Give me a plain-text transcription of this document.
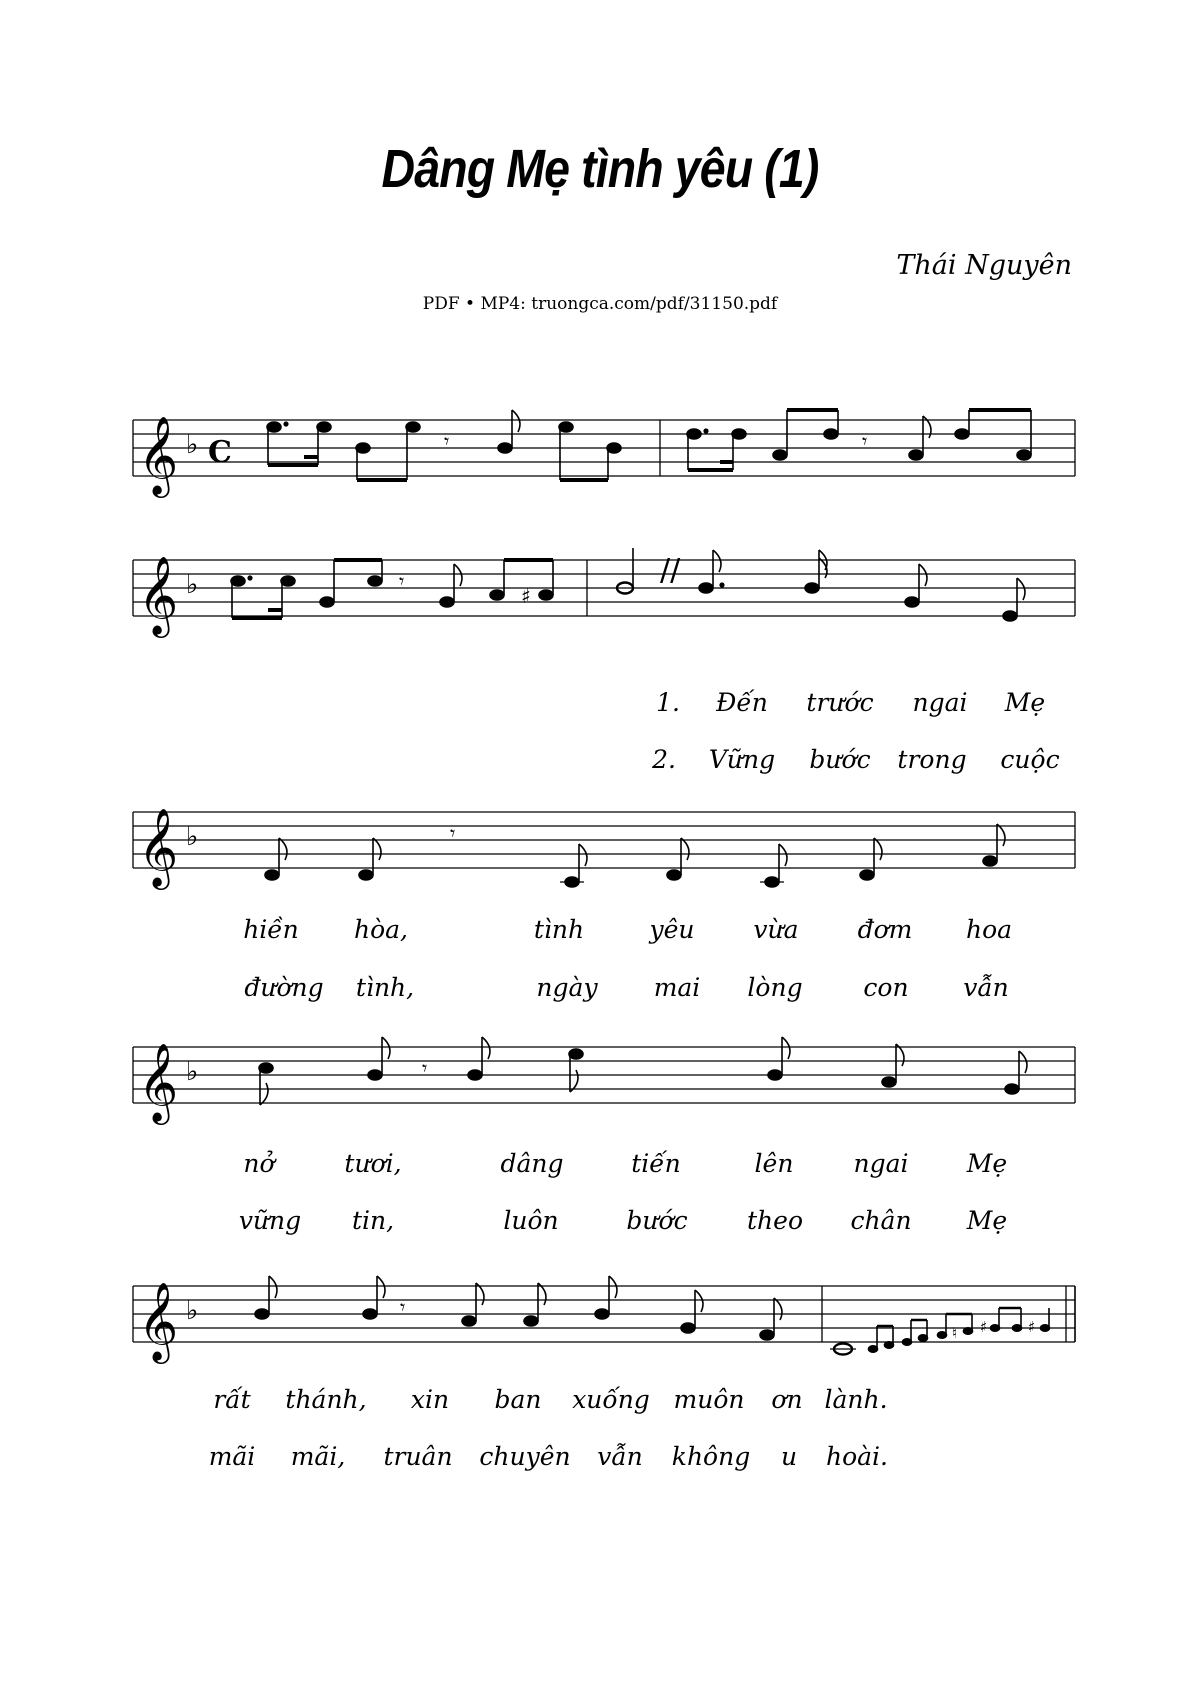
Dâng Mẹ tình yêu (1)
Thái Nguyên
PDF • MP4: truongca.com/pdf/31150.pdf
𝄞 ♭ C	𝄾	𝄾
𝄞 ♭	𝄾
♯
//
1. Đến trước ngai Mẹ
2. Vững bước trong cuộc
𝄞 ♭	𝄾
hiền hòa,	tình	yêu vừa đơm hoa
đường tình,	ngày mai lòng con vẫn
𝄞 ♭	𝄾
nở	tươi,	dâng	tiến	lên ngai Mẹ
vững tin,	luôn	bước theo chân Mẹ
𝄞 ♭	𝄾
♮ ♯	♯
rất thánh, xin ban xuống muôn ơn lành.
mãi mãi, truân chuyên vẫn không u hoài.
